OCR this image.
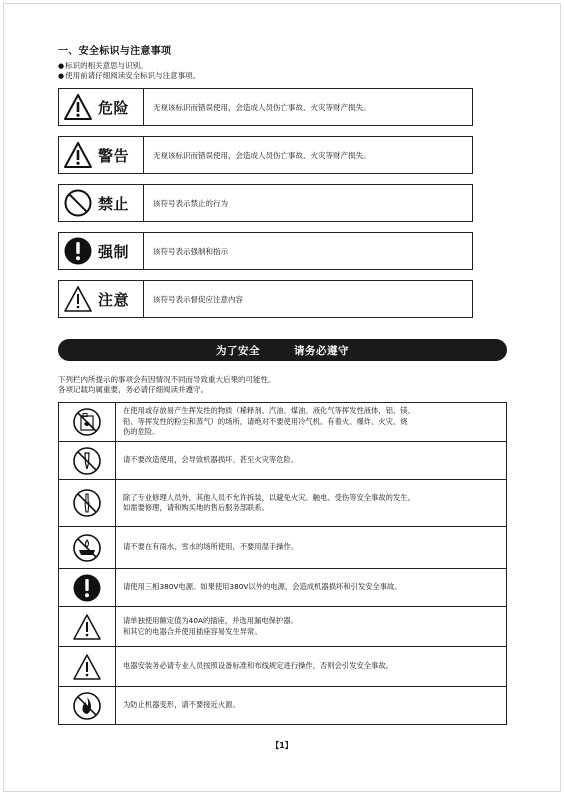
一、安全标识与注意事项
●标识的相关意思与识别。
●使用前请仔细阅读安全标识与注意事项。
危险	无视该标识而错误使用，会造成人员伤亡事故、火灾等财产损失。
警告	无视该标识而错误使用，会造成人员伤亡事故、火灾等财产损失。
禁止	该符号表示禁止的行为
强制	该符号表示强制和指示
注意	该符号表示督促应注意内容
为了安全	请务必遵守
下列栏内所提示的事项会有因情况不同而导致重大后果的可能性。
各项记载均属重要，务必请仔细阅读并遵守。

在使用或存放易产生挥发性的物质（稀释剂、汽油、煤油、液化气等挥发性液体，铝、镁、
铅、等挥发性的粉尘和蒸气）的场所，请绝对不要使用冷气机。有着火、爆炸、火灾、烧
伤的危险。

请不要改造使用，会导致机器损坏、甚至火灾等危险。

除了专业修理人员外，其他人员不允许拆装，以避免火灾、触电、受伤等安全事故的发生。
如需要修理，请和购买地的售后服务部联系。

请不要在有雨水、雪水的场所使用，不要用湿手操作。

请使用三相380V电源。如果使用380V以外的电源，会造成机器损坏和引发安全事故。

请单独使用额定值为40A的插座，并选用漏电保护器。
和其它的电器合并使用插座容易发生异常。

电器安装务必请专业人员按照设备标准和布线规定进行操作，否则会引发安全事故。

为防止机器变形，请不要接近火源。
【1】
